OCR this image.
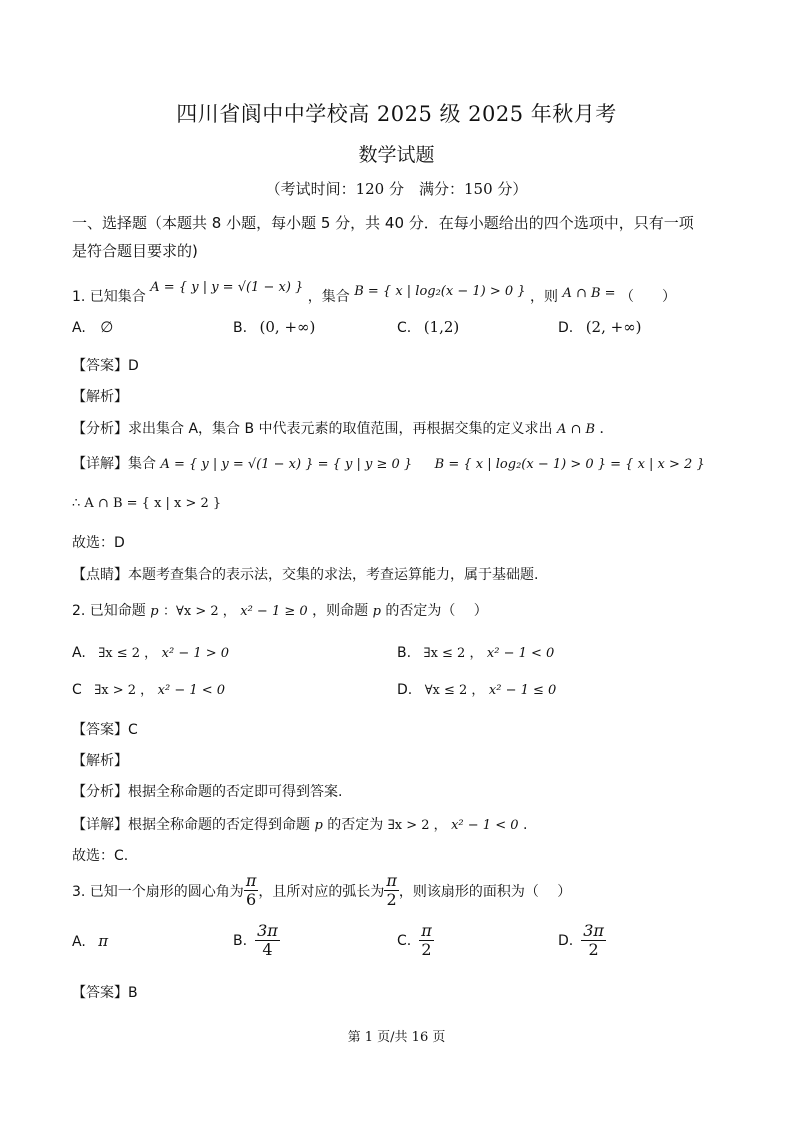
四川省阆中中学校高 2025 级 2025 年秋月考
数学试题
（考试时间：120 分　满分：150 分）
一、选择题（本题共 8 小题，每小题 5 分，共 40 分．在每小题给出的四个选项中，只有一项
是符合题目要求的)
1. 已知集合 A = { y | y = √(1 − x) } ，集合 B = { x | log₂(x − 1) > 0 } ，则 A ∩ B = （　　）
A. ∅	B. (0, +∞)	C. (1,2)	D. (2, +∞)
【答案】D
【解析】
【分析】求出集合 A，集合 B 中代表元素的取值范围，再根据交集的定义求出 A ∩ B ．
【详解】集合 A = { y | y = √(1 − x) } = { y | y ≥ 0 } B = { x | log₂(x − 1) > 0 } = { x | x > 2 }
∴ A ∩ B = { x | x > 2 }
故选：D
【点睛】本题考查集合的表示法，交集的求法，考查运算能力，属于基础题.
2. 已知命题 p ：∀x > 2 ， x² − 1 ≥ 0 ，则命题 p 的否定为（　 ）
A. ∃x ≤ 2 ， x² − 1 > 0	B. ∃x ≤ 2 ， x² − 1 < 0
C ∃x > 2 ， x² − 1 < 0	D. ∀x ≤ 2 ， x² − 1 ≤ 0
【答案】C
【解析】
【分析】根据全称命题的否定即可得到答案.
【详解】根据全称命题的否定得到命题 p 的否定为 ∃x > 2 ， x² − 1 < 0 .
故选：C.
3. 已知一个扇形的圆心角为 $\frac{\pi}{6}$ ，且所对应的弧长为 $\frac{\pi}{2}$ ，则该扇形的面积为（　 ）
A. π	B. $\frac{3\pi}{4}$	C. $\frac{\pi}{2}$	D. $\frac{3\pi}{2}$
【答案】B
第 1 页/共 16 页
